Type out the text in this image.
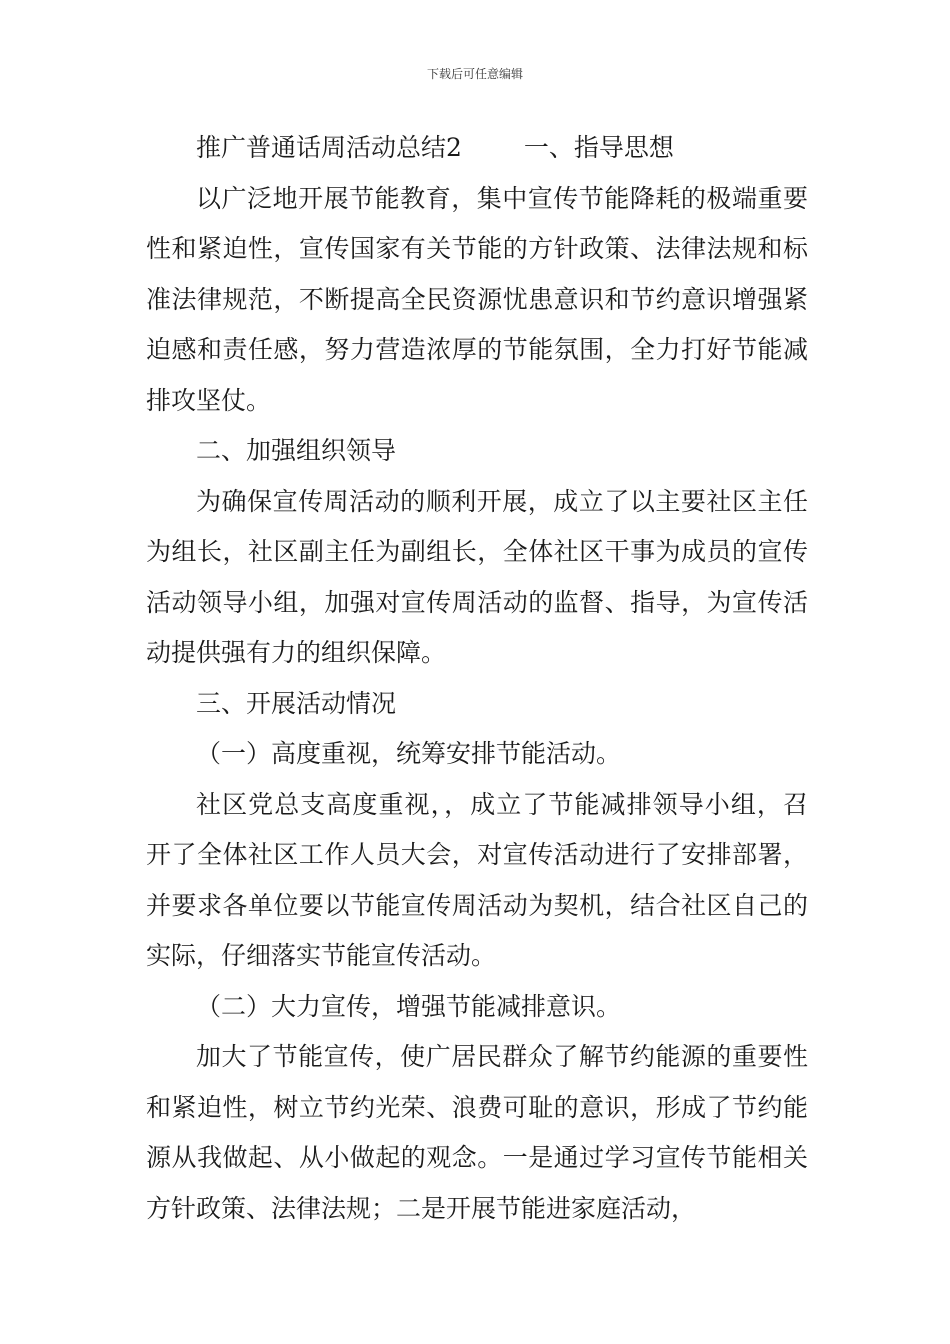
下载后可任意编辑

推广普通话周活动总结2 一、指导思想

以广泛地开展节能教育，集中宣传节能降耗的极端重要性和紧迫性，宣传国家有关节能的方针政策、法律法规和标准法律规范，不断提高全民资源忧患意识和节约意识增强紧迫感和责任感，努力营造浓厚的节能氛围，全力打好节能减排攻坚仗。

二、加强组织领导

为确保宣传周活动的顺利开展，成立了以主要社区主任为组长，社区副主任为副组长，全体社区干事为成员的宣传活动领导小组，加强对宣传周活动的监督、指导，为宣传活动提供强有力的组织保障。

三、开展活动情况

（一）高度重视，统筹安排节能活动。

社区党总支高度重视，，成立了节能减排领导小组，召开了全体社区工作人员大会，对宣传活动进行了安排部署，并要求各单位要以节能宣传周活动为契机，结合社区自己的实际，仔细落实节能宣传活动。

（二）大力宣传，增强节能减排意识。

加大了节能宣传，使广居民群众了解节约能源的重要性和紧迫性，树立节约光荣、浪费可耻的意识，形成了节约能源从我做起、从小做起的观念。一是通过学习宣传节能相关方针政策、法律法规；二是开展节能进家庭活动，
